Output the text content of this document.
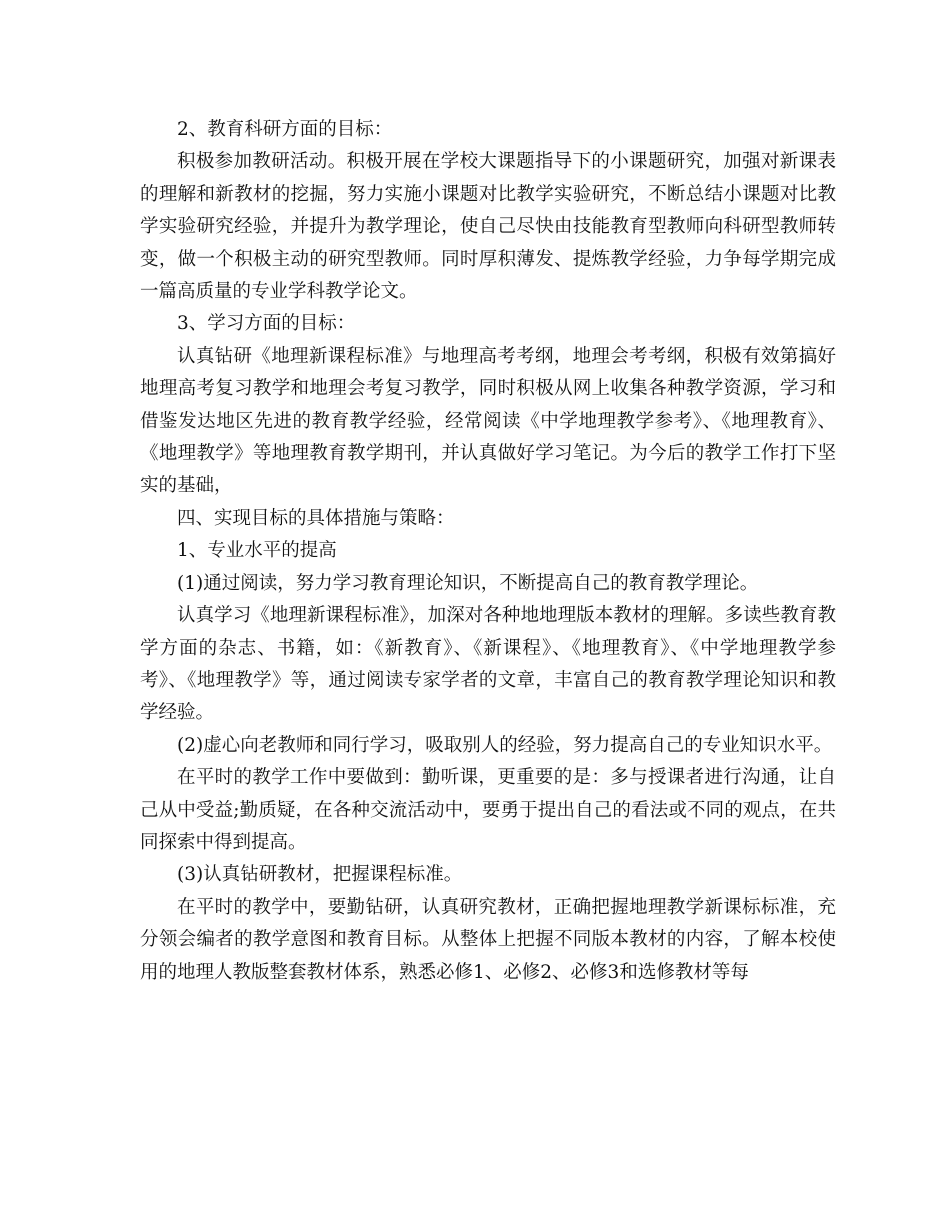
2、教育科研方面的目标：

积极参加教研活动。积极开展在学校大课题指导下的小课题研究，加强对新课表的理解和新教材的挖掘，努力实施小课题对比教学实验研究，不断总结小课题对比教学实验研究经验，并提升为教学理论，使自己尽快由技能教育型教师向科研型教师转变，做一个积极主动的研究型教师。同时厚积薄发、提炼教学经验，力争每学期完成一篇高质量的专业学科教学论文。

3、学习方面的目标：

认真钻研《地理新课程标准》与地理高考考纲，地理会考考纲，积极有效第搞好地理高考复习教学和地理会考复习教学，同时积极从网上收集各种教学资源，学习和借鉴发达地区先进的教育教学经验，经常阅读《中学地理教学参考》、《地理教育》、《地理教学》等地理教育教学期刊，并认真做好学习笔记。为今后的教学工作打下坚实的基础，

四、实现目标的具体措施与策略：

1、专业水平的提高

(1)通过阅读，努力学习教育理论知识，不断提高自己的教育教学理论。

认真学习《地理新课程标准》，加深对各种地地理版本教材的理解。多读些教育教学方面的杂志、书籍，如：《新教育》、《新课程》、《地理教育》、《中学地理教学参考》、《地理教学》等，通过阅读专家学者的文章，丰富自己的教育教学理论知识和教学经验。

(2)虚心向老教师和同行学习，吸取别人的经验，努力提高自己的专业知识水平。

在平时的教学工作中要做到：勤听课，更重要的是：多与授课者进行沟通，让自己从中受益;勤质疑，在各种交流活动中，要勇于提出自己的看法或不同的观点，在共同探索中得到提高。

(3)认真钻研教材，把握课程标准。

在平时的教学中，要勤钻研，认真研究教材，正确把握地理教学新课标标准，充分领会编者的教学意图和教育目标。从整体上把握不同版本教材的内容，了解本校使用的地理人教版整套教材体系，熟悉必修1、必修2、必修3和选修教材等每
